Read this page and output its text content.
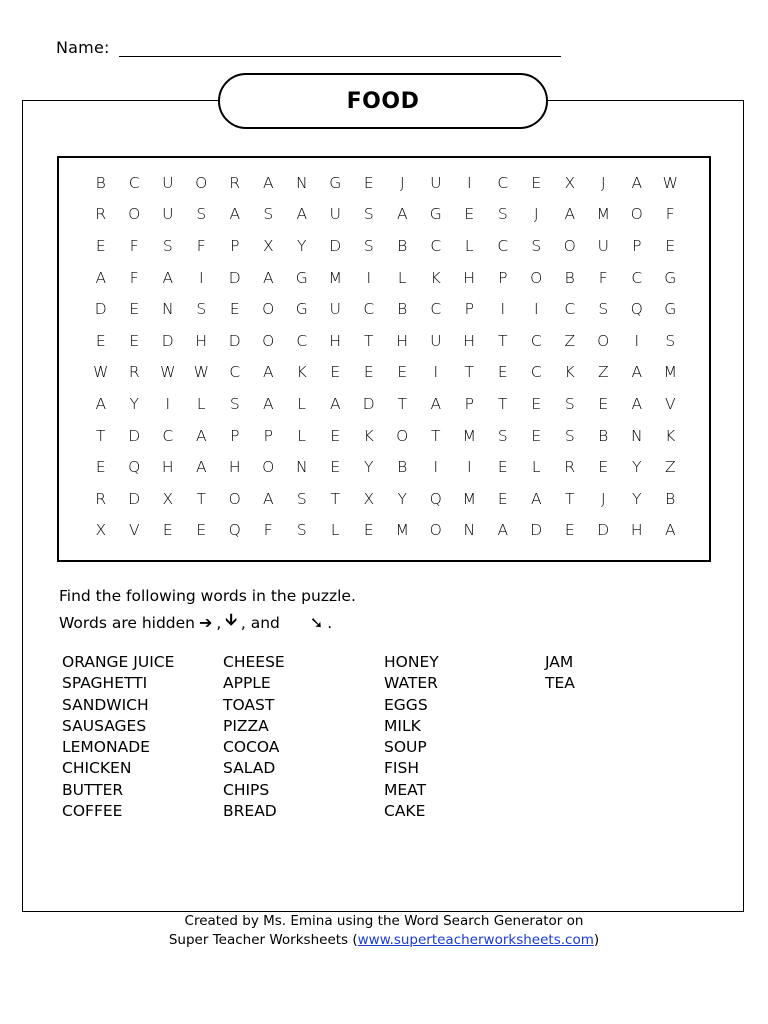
Name:
FOOD
B	C	U	O	R	A	N	G	E	J	U	I	C	E	X	J	A	W
R	O	U	S	A	S	A	U	S	A	G	E	S	J	A	M	O	F
E	F	S	F	P	X	Y	D	S	B	C	L	C	S	O	U	P	E
A	F	A	I	D	A	G	M	I	L	K	H	P	O	B	F	C	G
D	E	N	S	E	O	G	U	C	B	C	P	I	I	C	S	Q	G
E	E	D	H	D	O	C	H	T	H	U	H	T	C	Z	O	I	S
W	R	W	W	C	A	K	E	E	E	I	T	E	C	K	Z	A	M
A	Y	I	L	S	A	L	A	D	T	A	P	T	E	S	E	A	V
T	D	C	A	P	P	L	E	K	O	T	M	S	E	S	B	N	K
E	Q	H	A	H	O	N	E	Y	B	I	I	E	L	R	E	Y	Z
R	D	X	T	O	A	S	T	X	Y	Q	M	E	A	T	J	Y	B
X	V	E	E	Q	F	S	L	E	M	O	N	A	D	E	D	H	A
Find the following words in the puzzle.
Words are hidden ➔ , 🡫 , and ➘ .
ORANGE JUICE
SPAGHETTI
SANDWICH
SAUSAGES
LEMONADE
CHICKEN
BUTTER
COFFEE
CHEESE
APPLE
TOAST
PIZZA
COCOA
SALAD
CHIPS
BREAD
HONEY
WATER
EGGS
MILK
SOUP
FISH
MEAT
CAKE
JAM
TEA
Created by Ms. Emina using the Word Search Generator on
Super Teacher Worksheets (www.superteacherworksheets.com)
